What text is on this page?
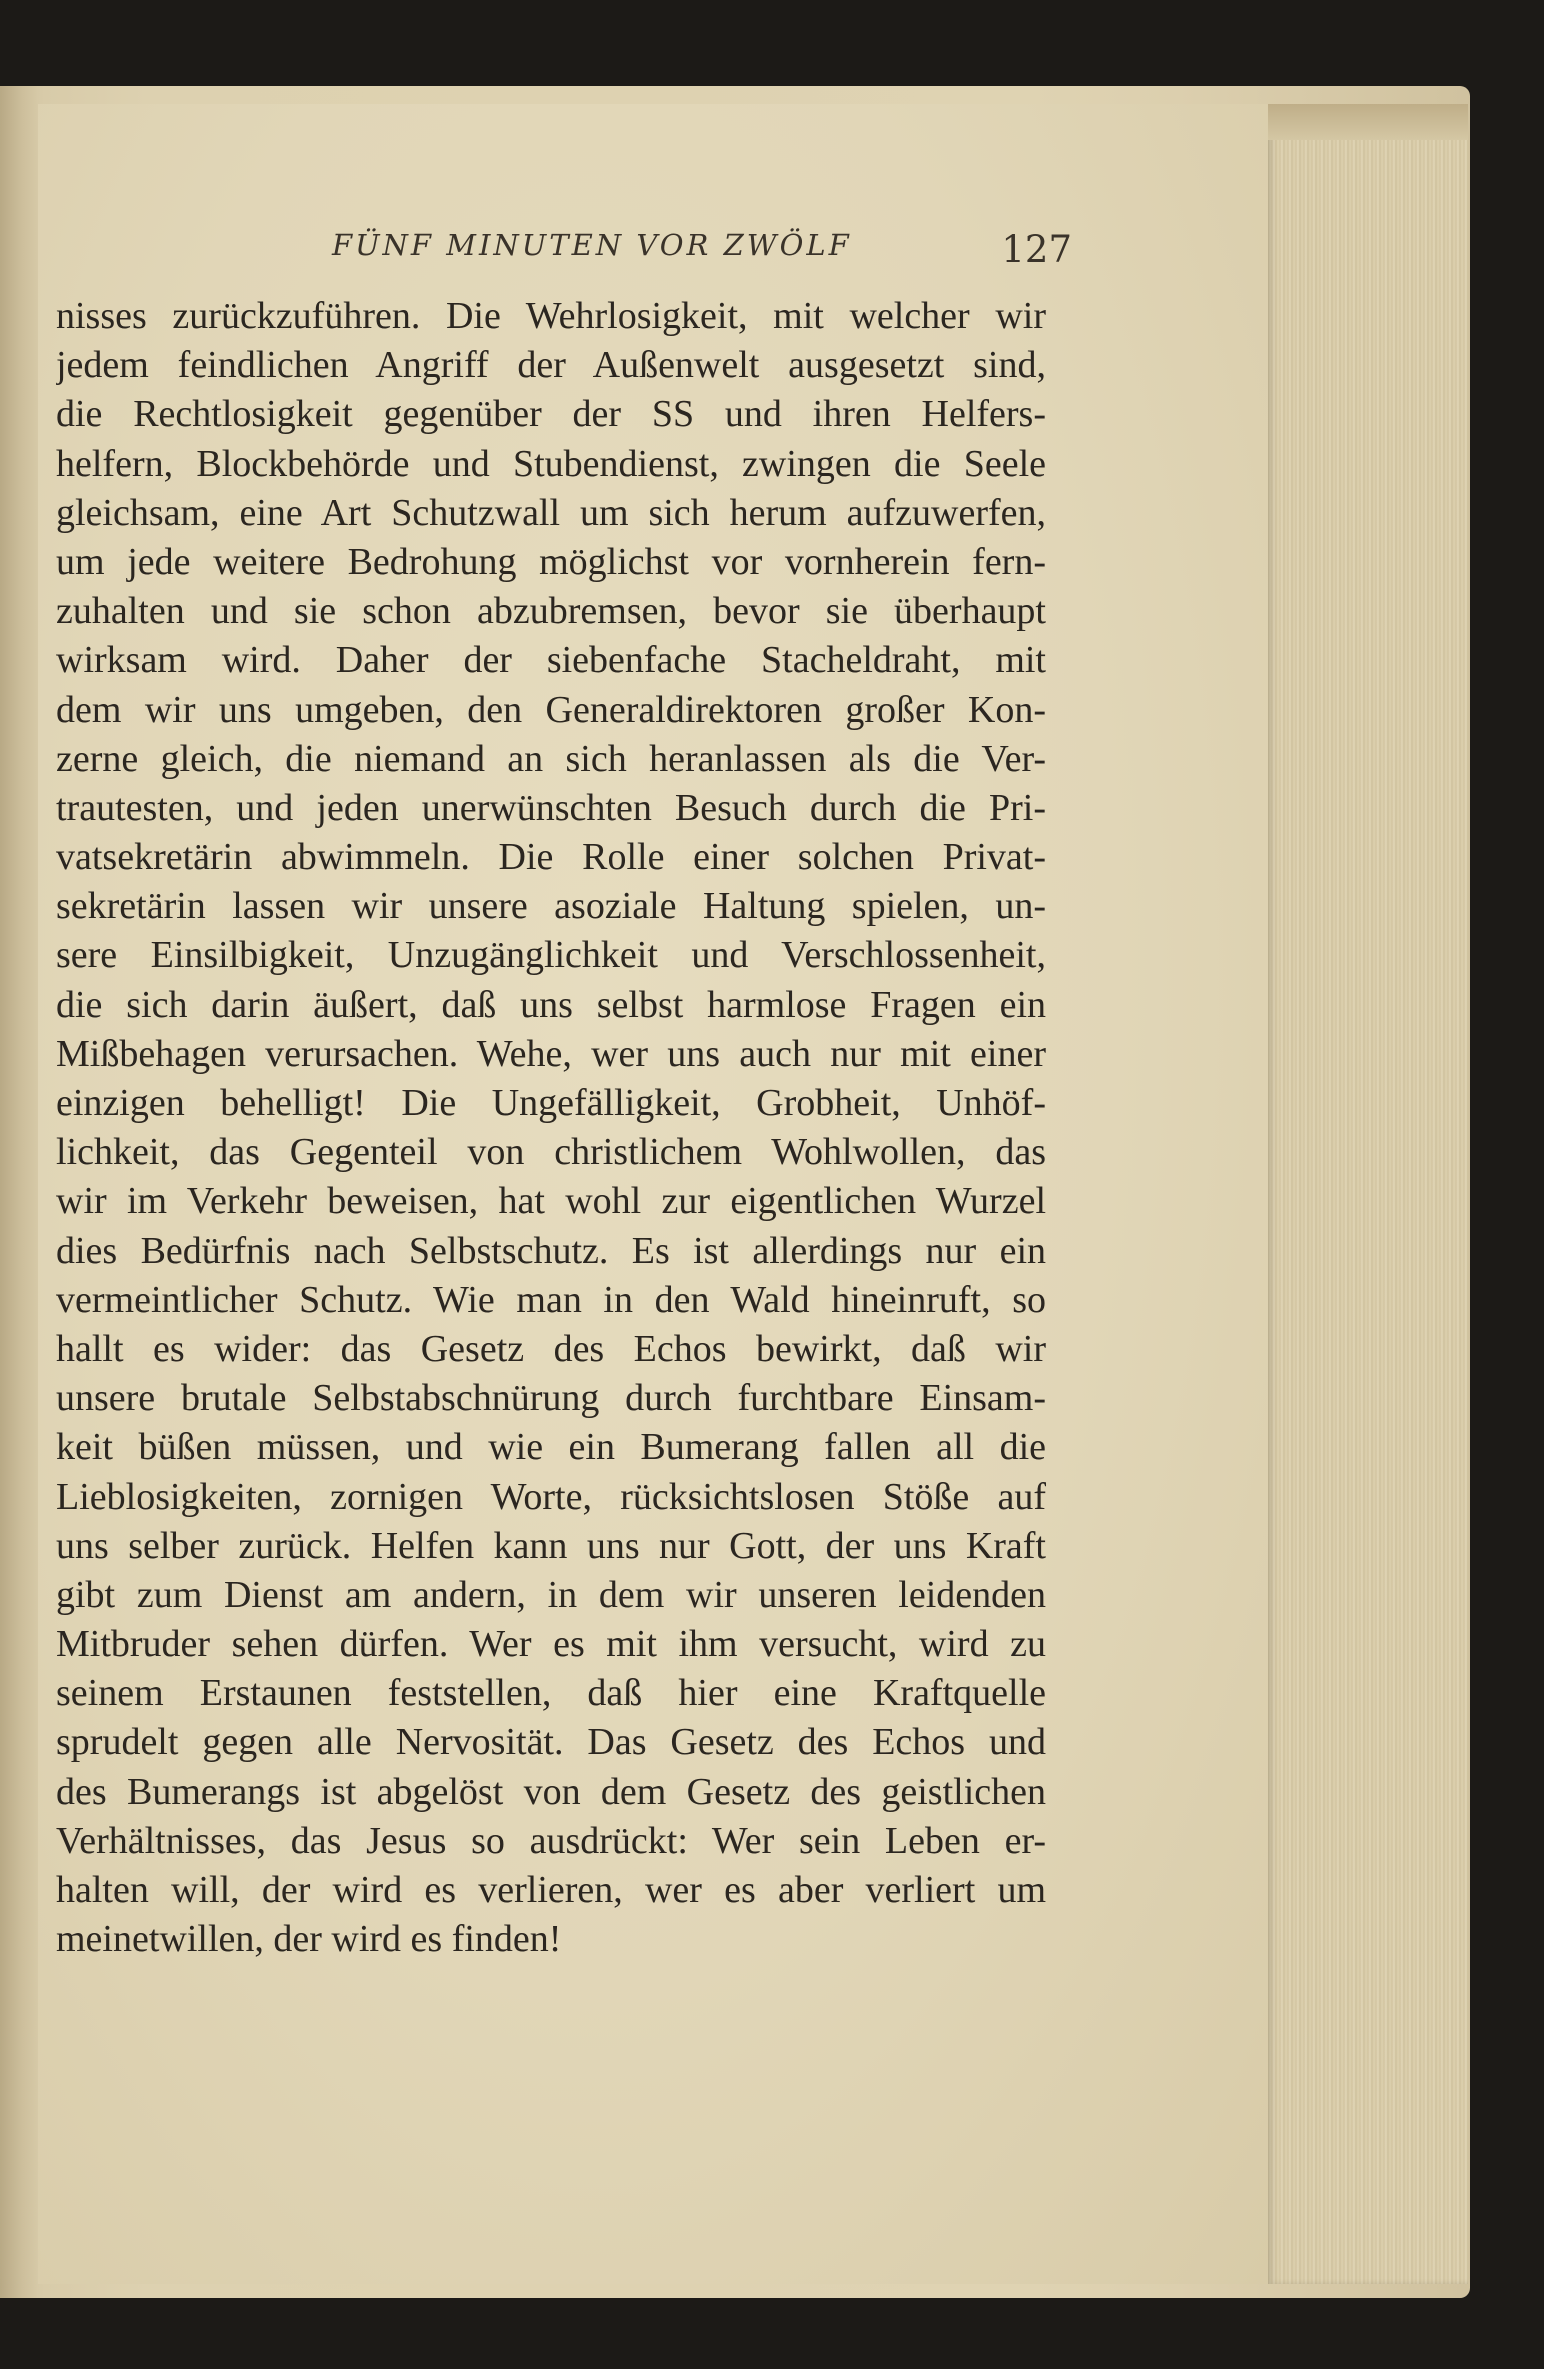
FÜNF MINUTEN VOR ZWÖLF	127
nisses zurückzuführen. Die Wehrlosigkeit, mit welcher wir
jedem feindlichen Angriff der Außenwelt ausgesetzt sind,
die Rechtlosigkeit gegenüber der SS und ihren Helfers-
helfern, Blockbehörde und Stubendienst, zwingen die Seele
gleichsam, eine Art Schutzwall um sich herum aufzuwerfen,
um jede weitere Bedrohung möglichst vor vornherein fern-
zuhalten und sie schon abzubremsen, bevor sie überhaupt
wirksam wird. Daher der siebenfache Stacheldraht, mit
dem wir uns umgeben, den Generaldirektoren großer Kon-
zerne gleich, die niemand an sich heranlassen als die Ver-
trautesten, und jeden unerwünschten Besuch durch die Pri-
vatsekretärin abwimmeln. Die Rolle einer solchen Privat-
sekretärin lassen wir unsere asoziale Haltung spielen, un-
sere Einsilbigkeit, Unzugänglichkeit und Verschlossenheit,
die sich darin äußert, daß uns selbst harmlose Fragen ein
Mißbehagen verursachen. Wehe, wer uns auch nur mit einer
einzigen behelligt! Die Ungefälligkeit, Grobheit, Unhöf-
lichkeit, das Gegenteil von christlichem Wohlwollen, das
wir im Verkehr beweisen, hat wohl zur eigentlichen Wurzel
dies Bedürfnis nach Selbstschutz. Es ist allerdings nur ein
vermeintlicher Schutz. Wie man in den Wald hineinruft, so
hallt es wider: das Gesetz des Echos bewirkt, daß wir
unsere brutale Selbstabschnürung durch furchtbare Einsam-
keit büßen müssen, und wie ein Bumerang fallen all die
Lieblosigkeiten, zornigen Worte, rücksichtslosen Stöße auf
uns selber zurück. Helfen kann uns nur Gott, der uns Kraft
gibt zum Dienst am andern, in dem wir unseren leidenden
Mitbruder sehen dürfen. Wer es mit ihm versucht, wird zu
seinem Erstaunen feststellen, daß hier eine Kraftquelle
sprudelt gegen alle Nervosität. Das Gesetz des Echos und
des Bumerangs ist abgelöst von dem Gesetz des geistlichen
Verhältnisses, das Jesus so ausdrückt: Wer sein Leben er-
halten will, der wird es verlieren, wer es aber verliert um
meinetwillen, der wird es finden!
